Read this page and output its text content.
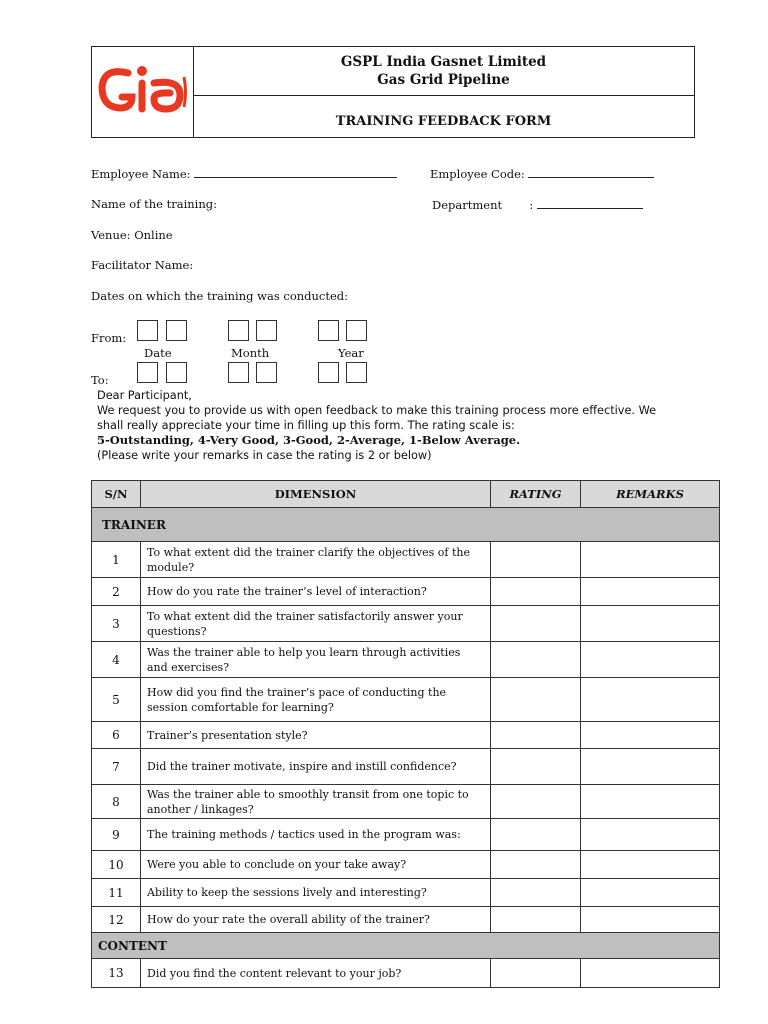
GSPL India Gasnet Limited
Gas Grid Pipeline
TRAINING FEEDBACK FORM
Employee Name:	Employee Code:
Name of the training:	Department :
Venue: Online
Facilitator Name:
Dates on which the training was conducted:
From:
Date	Month	Year
To:
Dear Participant,
We request you to provide us with open feedback to make this training process more effective. We
shall really appreciate your time in filling up this form. The rating scale is:
5-Outstanding, 4-Very Good, 3-Good, 2-Average, 1-Below Average.
(Please write your remarks in case the rating is 2 or below)
S/N	DIMENSION	RATING	REMARKS
TRAINER			
1	To what extent did the trainer clarify the objectives of the module?		
2	How do you rate the trainer’s level of interaction?		
3	To what extent did the trainer satisfactorily answer your questions?		
4	Was the trainer able to help you learn through activities and exercises?		
5	How did you find the trainer’s pace of conducting the session comfortable for learning?		
6	Trainer’s presentation style?		
7	Did the trainer motivate, inspire and instill confidence?		
8	Was the trainer able to smoothly transit from one topic to another / linkages?		
9	The training methods / tactics used in the program was:		
10	Were you able to conclude on your take away?		
11	Ability to keep the sessions lively and interesting?		
12	How do your rate the overall ability of the trainer?		
CONTENT			
13	Did you find the content relevant to your job?		
